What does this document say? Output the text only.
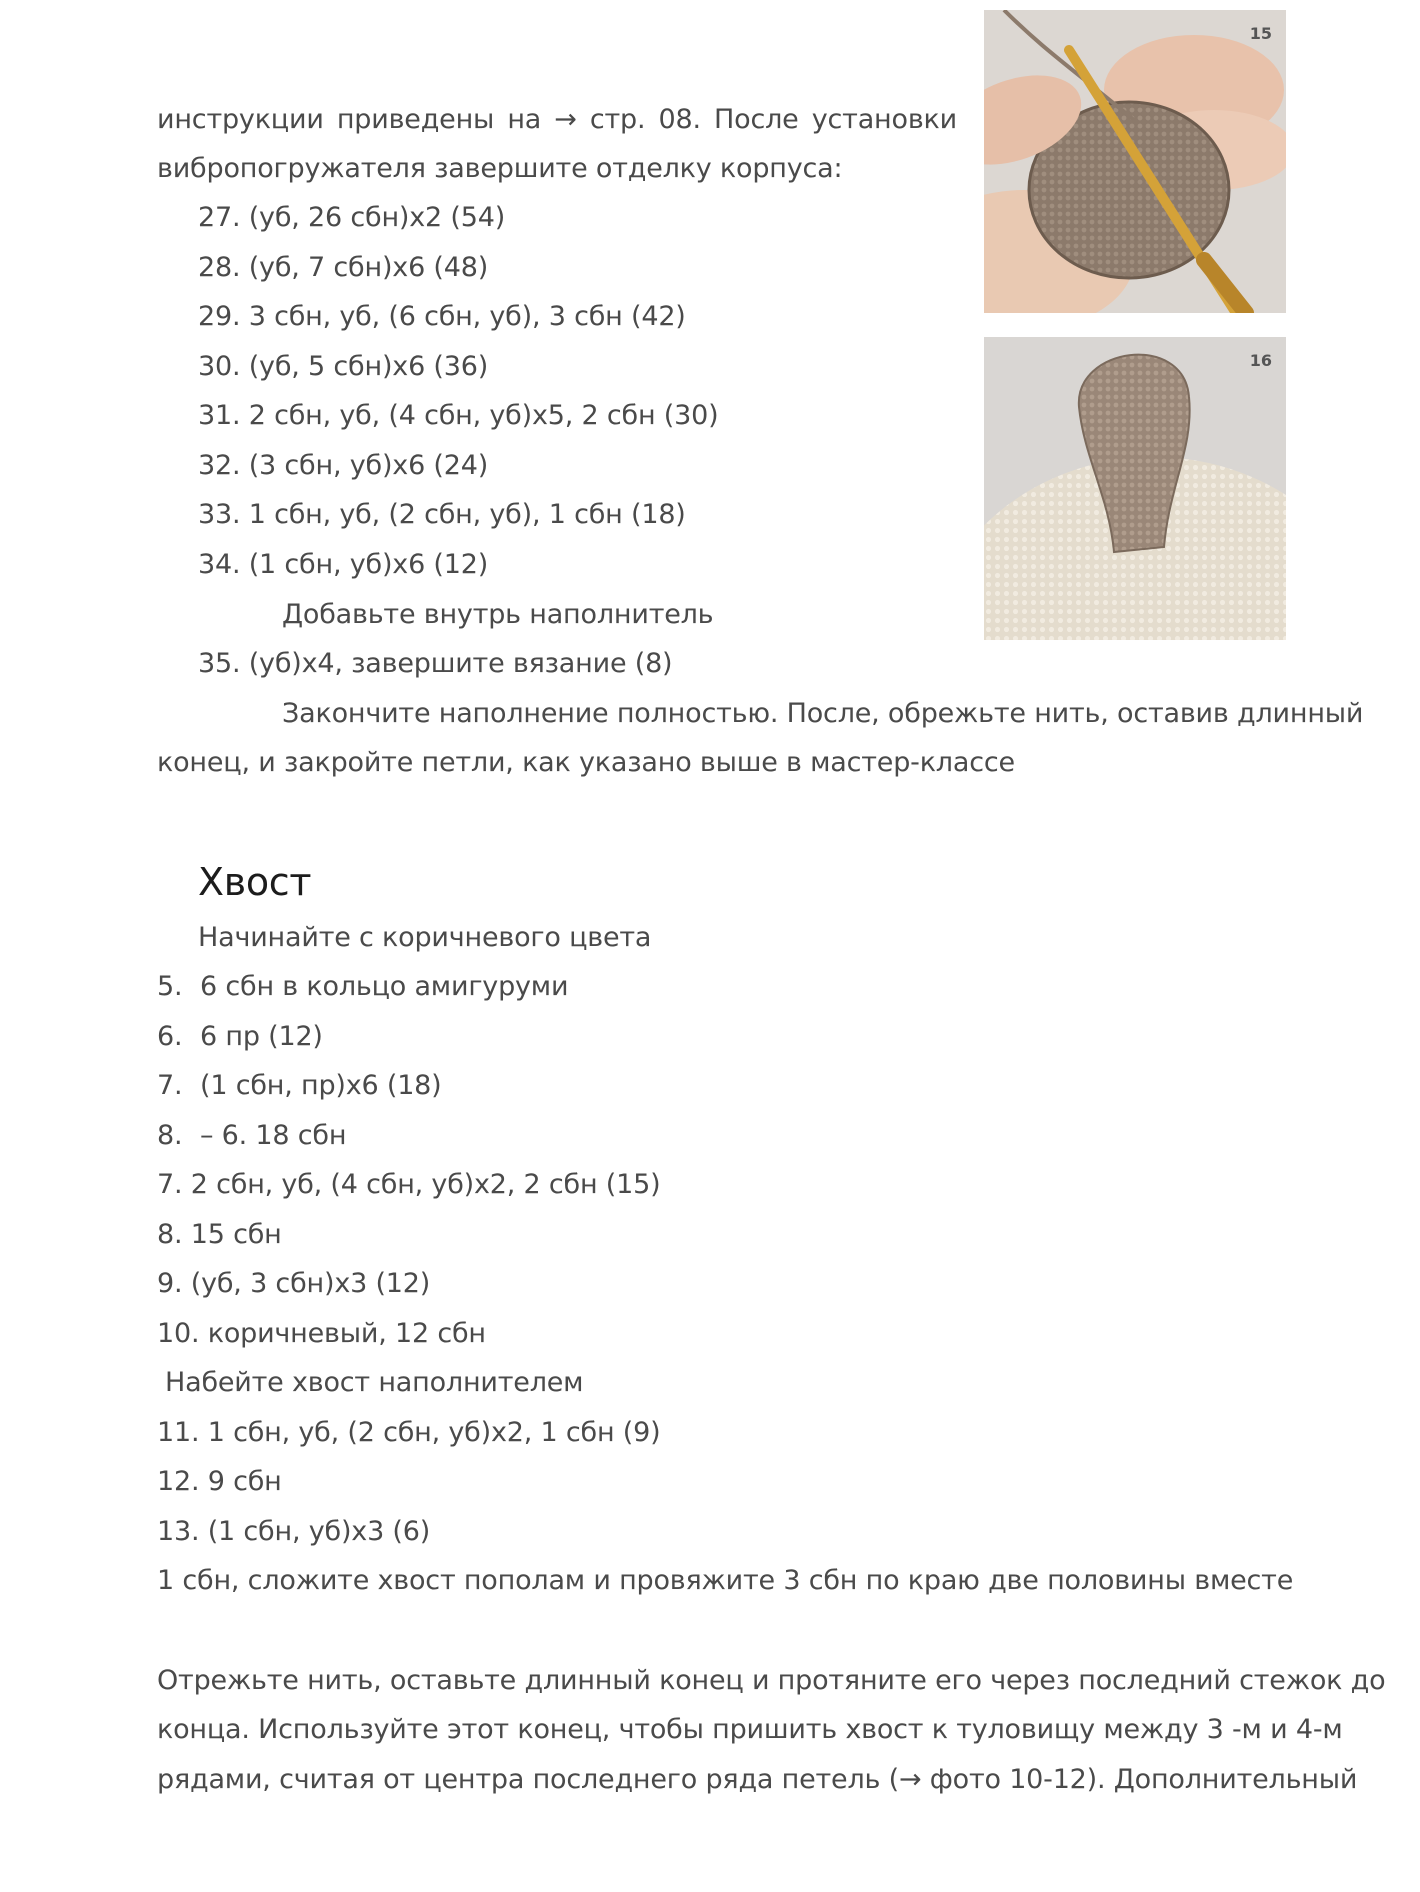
инструкции приведены на → стр. 08. После установки
вибропогружателя завершите отделку корпуса:
27. (уб, 26 сбн)х2 (54)
28. (уб, 7 сбн)х6 (48)
29. 3 сбн, уб, (6 сбн, уб), 3 сбн (42)
30. (уб, 5 сбн)х6 (36)
31. 2 сбн, уб, (4 сбн, уб)х5, 2 сбн (30)
32. (3 сбн, уб)х6 (24)
33. 1 сбн, уб, (2 сбн, уб), 1 сбн (18)
34. (1 сбн, уб)х6 (12)
Добавьте внутрь наполнитель
35. (уб)х4, завершите вязание (8)
Закончите наполнение полностью. После, обрежьте нить, оставив длинный
конец, и закройте петли, как указано выше в мастер-классе
Хвост
Начинайте с коричневого цвета
5. 6 сбн в кольцо амигуруми
6. 6 пр (12)
7. (1 сбн, пр)х6 (18)
8. – 6. 18 сбн
7. 2 сбн, уб, (4 сбн, уб)х2, 2 сбн (15)
8. 15 сбн
9. (уб, 3 сбн)х3 (12)
10. коричневый, 12 сбн
Набейте хвост наполнителем
11. 1 сбн, уб, (2 сбн, уб)х2, 1 сбн (9)
12. 9 сбн
13. (1 сбн, уб)х3 (6)
1 сбн, сложите хвост пополам и провяжите 3 сбн по краю две половины вместе
Отрежьте нить, оставьте длинный конец и протяните его через последний стежок до
конца. Используйте этот конец, чтобы пришить хвост к туловищу между 3 -м и 4-м
рядами, считая от центра последнего ряда петель (→ фото 10-12). Дополнительный
15
16
